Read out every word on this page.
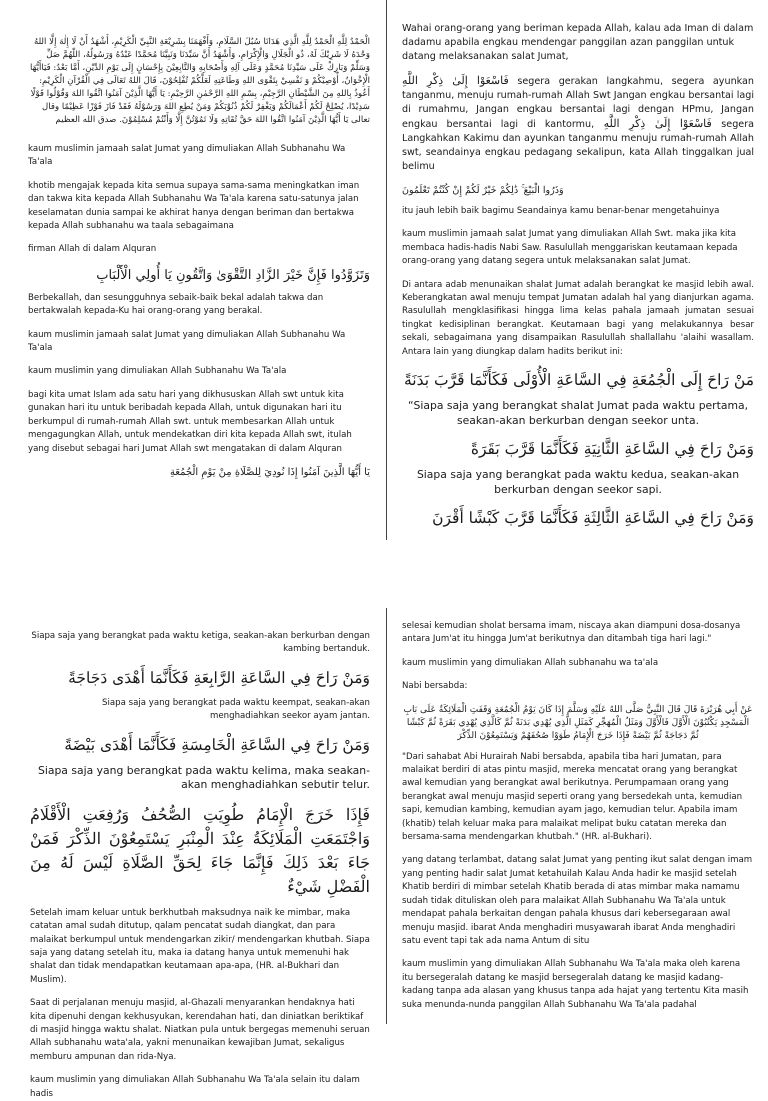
الْحَمْدُ لِلَّهِ الْحَمْدُ لِلَّهِ الَّذِي هَدَانَا سُبُلَ السَّلَامِ، وَأَفْهَمَنَا بِشَرِيْعَةِ النَّبِيِّ الْكَرِيْمِ، أَشْهَدُ أَنْ لَا إِلٰهَ إِلَّا اللهُ وَحْدَهُ لَا شَرِيْكَ لَهُ، ذُو الْجَلَالِ وَالْإِكْرَامِ، وَأَشْهَدُ أَنَّ سَيِّدَنَا وَنَبِيَّنَا مُحَمَّدًا عَبْدُهُ وَرَسُولُهُ، اللّٰهُمَّ صَلِّ وَسَلِّمْ وَبَارِكْ عَلَى سَيِّدِنَا مُحَمَّدٍ وَعَلَى آلِهِ وَأَصْحَابِهِ وَالتَّابِعِيْنَ بِإِحْسَانٍ إِلَى يَوْمِ الدِّيْنِ، أَمَّا بَعْدُ: فَيَاأَيُّهَا الْإِخْوَانُ، أُوْصِيْكُمْ وَ نَفْسِيْ بِتَقْوَى اللهِ وَطَاعَتِهِ لَعَلَّكُمْ تُفْلِحُوْنَ، قَالَ اللهُ تَعَالَى فِي الْقُرْآنِ الْكَرِيْمِ: أَعُوذُ بِاللهِ مِنَ الشَّيْطَانِ الرَّجِيْمِ، بِسْمِ اللهِ الرَّحْمٰنِ الرَّحِيْمِ: يَا أَيُّهَا الَّذِيْنَ آمَنُوا اتَّقُوا اللهَ وَقُوْلُوا قَوْلًا سَدِيْدًا، يُصْلِحْ لَكُمْ أَعْمَالَكُمْ وَيَغْفِرْ لَكُمْ ذُنُوْبَكُمْ وَمَنْ يُطِعِ اللهَ وَرَسُوْلَهُ فَقَدْ فَازَ فَوْزًا عَظِيْمًا وقال تعالى يَا أَيُّهَا الَّذِيْنَ آمَنُوا اتَّقُوا اللهَ حَقَّ تُقَاتِهِ وَلَا تَمُوْتُنَّ إِلَّا وَأَنْتُمْ مُسْلِمُوْنَ. صدق الله العظيم

kaum muslimin jamaah salat Jumat yang dimuliakan Allah Subhanahu Wa Ta'ala

khotib mengajak kepada kita semua supaya sama-sama meningkatkan iman dan takwa kita kepada Allah Subhanahu Wa Ta'ala karena satu-satunya jalan keselamatan dunia sampai ke akhirat hanya dengan beriman dan bertakwa kepada Allah subhanahu wa taala sebagaimana

firman Allah di dalam Alquran

وَتَزَوَّدُوا فَإِنَّ خَيْرَ الزَّادِ التَّقْوَىٰ وَاتَّقُونِ يَا أُولِي الْأَلْبَابِ

Berbekallah, dan sesungguhnya sebaik-baik bekal adalah takwa dan bertakwalah kepada-Ku hai orang-orang yang berakal.

kaum muslimin jamaah salat Jumat yang dimuliakan Allah Subhanahu Wa Ta'ala

kaum muslimin yang dimuliakan Allah Subhanahu Wa Ta'ala

bagi kita umat Islam ada satu hari yang dikhususkan Allah swt untuk kita gunakan hari itu untuk beribadah kepada Allah, untuk digunakan hari itu berkumpul di rumah-rumah Allah swt. untuk membesarkan Allah untuk mengagungkan Allah, untuk mendekatkan diri kita kepada Allah swt, itulah yang disebut sebagai hari Jumat Allah swt mengatakan di dalam Alquran

يَا أَيُّهَا الَّذِينَ آمَنُوا إِذَا نُودِيَ لِلصَّلَاةِ مِنْ يَوْمِ الْجُمُعَةِ

Wahai orang-orang yang beriman kepada Allah, kalau ada Iman di dalam dadamu apabila engkau mendengar panggilan azan panggilan untuk datang melaksanakan salat Jumat,

فَاسْعَوْا إِلَىٰ ذِكْرِ اللَّهِ segera gerakan langkahmu, segera ayunkan tanganmu, menuju rumah-rumah Allah Swt Jangan engkau bersantai lagi di rumahmu, Jangan engkau bersantai lagi dengan HPmu, Jangan engkau bersantai lagi di kantormu, فَاسْعَوْا إِلَىٰ ذِكْرِ اللَّهِ segera Langkahkan Kakimu dan ayunkan tanganmu menuju rumah-rumah Allah swt, seandainya engkau pedagang sekalipun, kata Allah tinggalkan jual belimu

وَذَرُوا الْبَيْعَ ۚ ذَٰلِكُمْ خَيْرٌ لَكُمْ إِنْ كُنْتُمْ تَعْلَمُونَ

itu jauh lebih baik bagimu Seandainya kamu benar-benar mengetahuinya

kaum muslimin jamaah salat Jumat yang dimuliakan Allah Swt. maka jika kita membaca hadis-hadis Nabi Saw. Rasulullah menggariskan keutamaan kepada orang-orang yang datang segera untuk melaksanakan salat Jumat.

Di antara adab menunaikan shalat Jumat adalah berangkat ke masjid lebih awal. Keberangkatan awal menuju tempat Jumatan adalah hal yang dianjurkan agama. Rasulullah mengklasifikasi hingga lima kelas pahala jamaah jumatan sesuai tingkat kedisiplinan berangkat. Keutamaan bagi yang melakukannya besar sekali, sebagaimana yang disampaikan Rasulullah shallallahu 'alaihi wasallam. Antara lain yang diungkap dalam hadits berikut ini:

مَنْ رَاحَ إِلَى الْجُمُعَةِ فِي السَّاعَةِ الْأُوْلَى فَكَأَنَّمَا قَرَّبَ بَدَنَةً

“Siapa saja yang berangkat shalat Jumat pada waktu pertama, seakan-akan berkurban dengan seekor unta.

وَمَنْ رَاحَ فِي السَّاعَةِ الثَّانِيَةِ فَكَأَنَّمَا قَرَّبَ بَقَرَةً

Siapa saja yang berangkat pada waktu kedua, seakan-akan berkurban dengan seekor sapi.

وَمَنْ رَاحَ فِي السَّاعَةِ الثَّالِثَةِ فَكَأَنَّمَا قَرَّبَ كَبْشًا أَقْرَنَ

Siapa saja yang berangkat pada waktu ketiga, seakan-akan berkurban dengan kambing bertanduk.

وَمَنْ رَاحَ فِي السَّاعَةِ الرَّابِعَةِ فَكَأَنَّمَا أَهْدَى دَجَاجَةً

Siapa saja yang berangkat pada waktu keempat, seakan-akan menghadiahkan seekor ayam jantan.

وَمَنْ رَاحَ فِي السَّاعَةِ الْخَامِسَةِ فَكَأَنَّمَا أَهْدَى بَيْضَةً

Siapa saja yang berangkat pada waktu kelima, maka seakan-akan menghadiahkan sebutir telur.

فَإِذَا خَرَجَ الْإِمَامُ طُوِيَتِ الصُّحُفُ وَرُفِعَتِ الْأَقْلَامُ وَاجْتَمَعَتِ الْمَلَائِكَةُ عِنْدَ الْمِنْبَرِ يَسْتَمِعُوْنَ الذِّكْرَ فَمَنْ جَاءَ بَعْدَ ذَلِكَ فَإِنَّمَا جَاءَ لِحَقِّ الصَّلَاةِ لَيْسَ لَهُ مِنَ الْفَضْلِ شَيْءٌ

Setelah imam keluar untuk berkhutbah maksudnya naik ke mimbar, maka catatan amal sudah ditutup, qalam pencatat sudah diangkat, dan para malaikat berkumpul untuk mendengarkan zikir/ mendengarkan khutbah. Siapa saja yang datang setelah itu, maka ia datang hanya untuk memenuhi hak shalat dan tidak mendapatkan keutamaan apa-apa, (HR. al-Bukhari dan Muslim).

Saat di perjalanan menuju masjid, al-Ghazali menyarankan hendaknya hati kita dipenuhi dengan kekhusyukan, kerendahan hati, dan diniatkan beriktikaf di masjid hingga waktu shalat. Niatkan pula untuk bergegas memenuhi seruan Allah subhanahu wata'ala, yakni menunaikan kewajiban Jumat, sekaligus memburu ampunan dan rida-Nya.

kaum muslimin yang dimuliakan Allah Subhanahu Wa Ta'ala selain itu dalam hadis

selesai kemudian sholat bersama imam, niscaya akan diampuni dosa-dosanya antara Jum'at itu hingga Jum'at berikutnya dan ditambah tiga hari lagi."

kaum muslimin yang dimuliakan Allah subhanahu wa ta'ala

Nabi bersabda:

عَنْ أَبِي هُرَيْرَةَ قَالَ قَالَ النَّبِيُّ صَلَّى اللهُ عَلَيْهِ وَسَلَّمَ إِذَا كَانَ يَوْمُ الْجُمُعَةِ وَقَفَتِ الْمَلَائِكَةُ عَلَى بَابِ الْمَسْجِدِ يَكْتُبُوْنَ الْأَوَّلَ فَالْأَوَّلَ وَمَثَلُ الْمُهَجِّرِ كَمَثَلِ الَّذِي يُهْدِي بَدَنَةً ثُمَّ كَالَّذِي يُهْدِي بَقَرَةً ثُمَّ كَبْشًا ثُمَّ دَجَاجَةً ثُمَّ بَيْضَةً فَإِذَا خَرَجَ الْإِمَامُ طَوَوْا صُحُفَهُمْ وَيَسْتَمِعُوْنَ الذِّكْرَ

"Dari sahabat Abi Hurairah Nabi bersabda, apabila tiba hari Jumatan, para malaikat berdiri di atas pintu masjid, mereka mencatat orang yang berangkat awal kemudian yang berangkat awal berikutnya. Perumpamaan orang yang berangkat awal menuju masjid seperti orang yang bersedekah unta, kemudian sapi, kemudian kambing, kemudian ayam jago, kemudian telur. Apabila imam (khatib) telah keluar maka para malaikat melipat buku catatan mereka dan bersama-sama mendengarkan khutbah." (HR. al-Bukhari).

yang datang terlambat, datang salat Jumat yang penting ikut salat dengan imam yang penting hadir salat Jumat ketahuilah Kalau Anda hadir ke masjid setelah Khatib berdiri di mimbar setelah Khatib berada di atas mimbar maka namamu sudah tidak dituliskan oleh para malaikat Allah Subhanahu Wa Ta'ala untuk mendapat pahala berkaitan dengan pahala khusus dari kebersegaraan awal menuju masjid. ibarat Anda menghadiri musyawarah ibarat Anda menghadiri satu event tapi tak ada nama Antum di situ

kaum muslimin yang dimuliakan Allah Subhanahu Wa Ta'ala maka oleh karena itu bersegeralah datang ke masjid bersegeralah datang ke masjid kadang-kadang tanpa ada alasan yang khusus tanpa ada hajat yang tertentu Kita masih suka menunda-nunda panggilan Allah Subhanahu Wa Ta'ala padahal
